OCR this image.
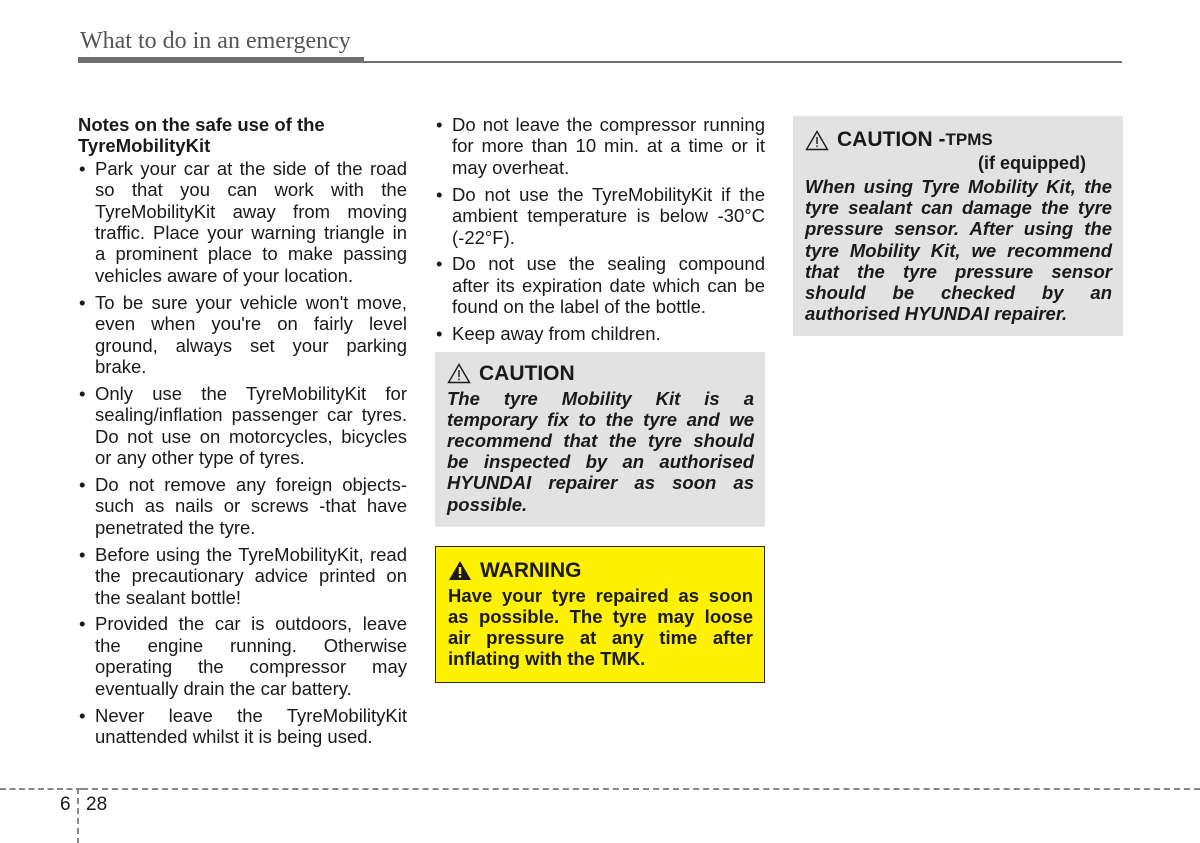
What to do in an emergency
Notes on the safe use of the TyreMobilityKit
• Park your car at the side of the road so that you can work with the TyreMobilityKit away from moving traffic. Place your warning triangle in a prominent place to make passing vehicles aware of your location.
• To be sure your vehicle won't move, even when you're on fairly level ground, always set your parking brake.
• Only use the TyreMobilityKit for sealing/inflation passenger car tyres. Do not use on motorcycles, bicycles or any other type of tyres.
• Do not remove any foreign objects-such as nails or screws -that have penetrated the tyre.
• Before using the TyreMobilityKit, read the precautionary advice printed on the sealant bottle!
• Provided the car is outdoors, leave the engine running. Otherwise operating the compressor may eventually drain the car battery.
• Never leave the TyreMobilityKit unattended whilst it is being used.
• Do not leave the compressor running for more than 10 min. at a time or it may overheat.
• Do not use the TyreMobilityKit if the ambient temperature is below -30°C (-22°F).
• Do not use the sealing compound after its expiration date which can be found on the label of the bottle.
• Keep away from children.
CAUTION
The tyre Mobility Kit is a temporary fix to the tyre and we recommend that the tyre should be inspected by an authorised HYUNDAI repairer as soon as possible.
WARNING
Have your tyre repaired as soon as possible. The tyre may loose air pressure at any time after inflating with the TMK.
CAUTION - TPMS
(if equipped)
When using Tyre Mobility Kit, the tyre sealant can damage the tyre pressure sensor. After using the tyre Mobility Kit, we recommend that the tyre pressure sensor should be checked by an authorised HYUNDAI repairer.
6 28
